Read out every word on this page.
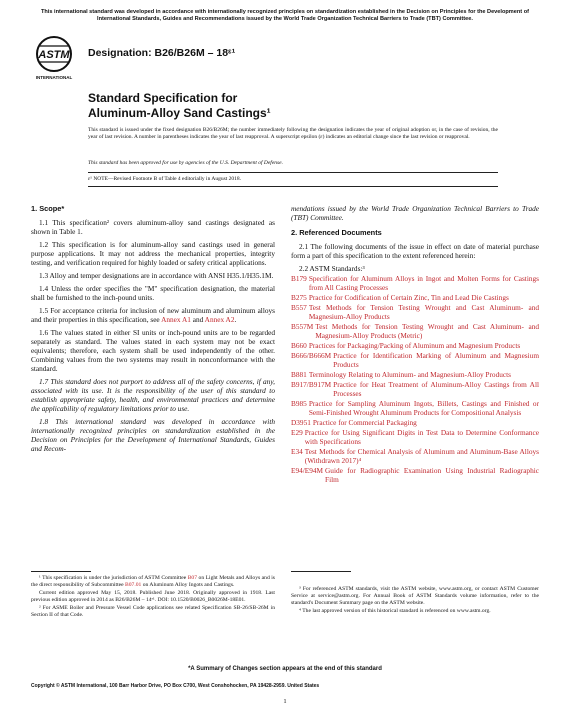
This international standard was developed in accordance with internationally recognized principles on standardization established in the Decision on Principles for the Development of International Standards, Guides and Recommendations issued by the World Trade Organization Technical Barriers to Trade (TBT) Committee.
ASTM
INTERNATIONAL
Designation: B26/B26M – 18ᵋ¹
Standard Specification for
Aluminum-Alloy Sand Castings¹
This standard is issued under the fixed designation B26/B26M; the number immediately following the designation indicates the year of original adoption or, in the case of revision, the year of last revision. A number in parentheses indicates the year of last reapproval. A superscript epsilon (ε) indicates an editorial change since the last revision or reapproval.
This standard has been approved for use by agencies of the U.S. Department of Defense.
ε¹ NOTE—Revised Footnote B of Table 4 editorially in August 2018.

1. Scope*

1.1 This specification² covers aluminum-alloy sand castings designated as shown in Table 1.

1.2 This specification is for aluminum-alloy sand castings used in general purpose applications. It may not address the mechanical properties, integrity testing, and verification required for highly loaded or safety critical applications.

1.3 Alloy and temper designations are in accordance with ANSI H35.1/H35.1M.

1.4 Unless the order specifies the "M" specification designation, the material shall be furnished to the inch-pound units.

1.5 For acceptance criteria for inclusion of new aluminum and aluminum alloys and their properties in this specification, see Annex A1 and Annex A2.

1.6 The values stated in either SI units or inch-pound units are to be regarded separately as standard. The values stated in each system may not be exact equivalents; therefore, each system shall be used independently of the other. Combining values from the two systems may result in nonconformance with the standard.

1.7 This standard does not purport to address all of the safety concerns, if any, associated with its use. It is the responsibility of the user of this standard to establish appropriate safety, health, and environmental practices and determine the applicability of regulatory limitations prior to use.

1.8 This international standard was developed in accordance with internationally recognized principles on standardization established in the Decision on Principles for the Development of International Standards, Guides and Recom-

mendations issued by the World Trade Organization Technical Barriers to Trade (TBT) Committee.

2. Referenced Documents

2.1 The following documents of the issue in effect on date of material purchase form a part of this specification to the extent referenced herein:

2.2 ASTM Standards:³

B179 Specification for Aluminum Alloys in Ingot and Molten Forms for Castings from All Casting Processes
B275 Practice for Codification of Certain Zinc, Tin and Lead Die Castings
B557 Test Methods for Tension Testing Wrought and Cast Aluminum- and Magnesium-Alloy Products
B557M Test Methods for Tension Testing Wrought and Cast Aluminum- and Magnesium-Alloy Products (Metric)
B660 Practices for Packaging/Packing of Aluminum and Magnesium Products
B666/B666M Practice for Identification Marking of Aluminum and Magnesium Products
B881 Terminology Relating to Aluminum- and Magnesium-Alloy Products
B917/B917M Practice for Heat Treatment of Aluminum-Alloy Castings from All Processes
B985 Practice for Sampling Aluminum Ingots, Billets, Castings and Finished or Semi-Finished Wrought Aluminum Products for Compositional Analysis
D3951 Practice for Commercial Packaging
E29 Practice for Using Significant Digits in Test Data to Determine Conformance with Specifications
E34 Test Methods for Chemical Analysis of Aluminum and Aluminum-Base Alloys (Withdrawn 2017)⁴
E94/E94M Guide for Radiographic Examination Using Industrial Radiographic Film

¹ This specification is under the jurisdiction of ASTM Committee B07 on Light Metals and Alloys and is the direct responsibility of Subcommittee B07.01 on Aluminum Alloy Ingots and Castings.

Current edition approved May 15, 2018. Published June 2018. Originally approved in 1918. Last previous edition approved in 2014 as B26/B26M – 14ᵉ¹. DOI: 10.1520/B0026_B0026M-18E01.

² For ASME Boiler and Pressure Vessel Code applications see related Specification SB-26/SB-26M in Section II of that Code.

³ For referenced ASTM standards, visit the ASTM website, www.astm.org, or contact ASTM Customer Service at service@astm.org. For Annual Book of ASTM Standards volume information, refer to the standard's Document Summary page on the ASTM website.

⁴ The last approved version of this historical standard is referenced on www.astm.org.

*A Summary of Changes section appears at the end of this standard
Copyright © ASTM International, 100 Barr Harbor Drive, PO Box C700, West Conshohocken, PA 19428-2959. United States
1
